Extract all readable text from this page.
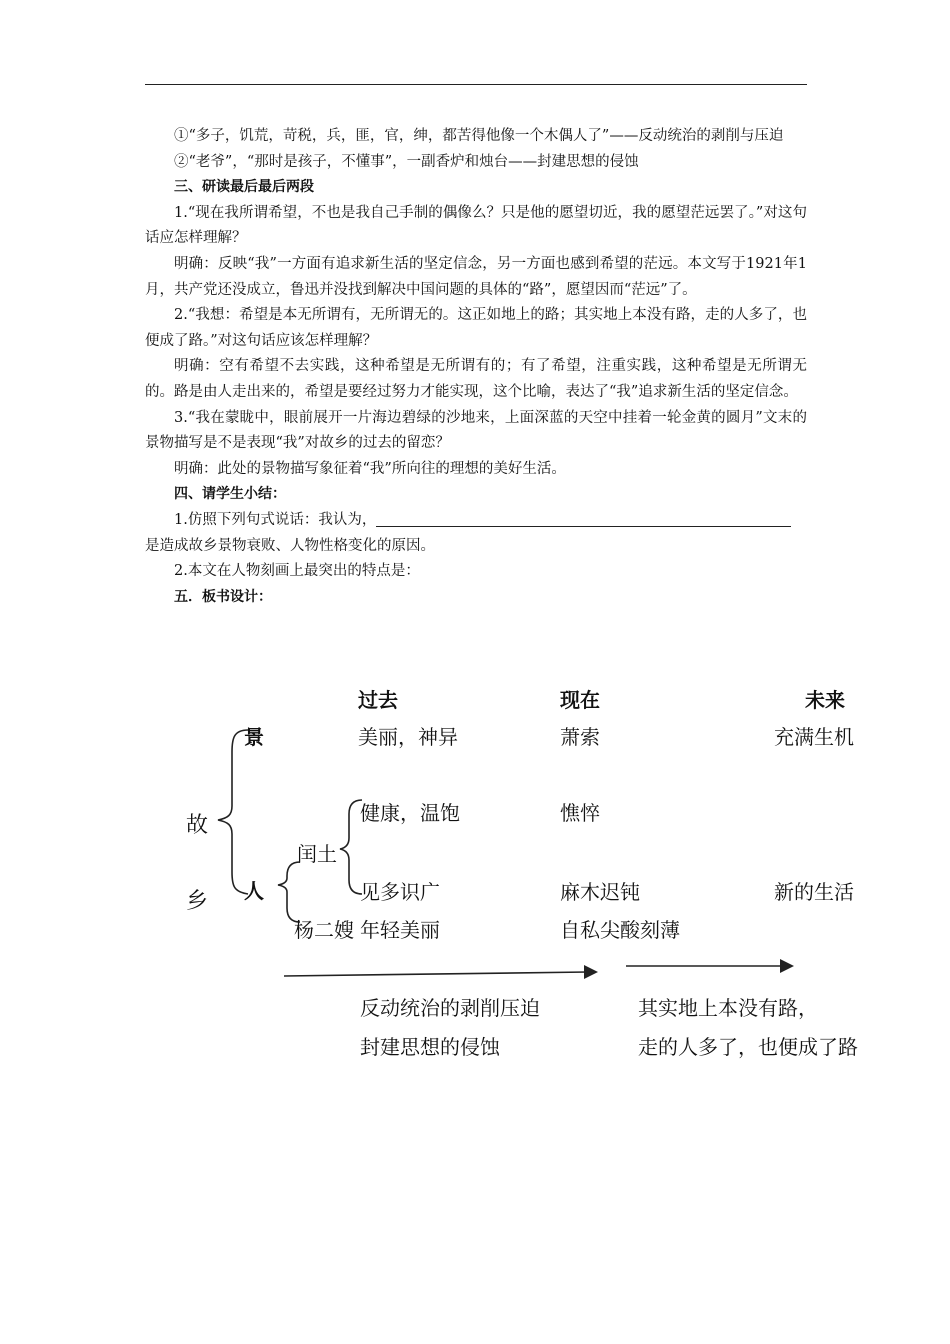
①“多子，饥荒，苛税，兵，匪，官，绅，都苦得他像一个木偶人了”——反动统治的剥削与压迫

②“老爷”，“那时是孩子，不懂事”，一副香炉和烛台——封建思想的侵蚀

三、研读最后最后两段

1.“现在我所谓希望，不也是我自己手制的偶像么？只是他的愿望切近，我的愿望茫远罢了。”对这句话应怎样理解？

明确：反映“我”一方面有追求新生活的坚定信念，另一方面也感到希望的茫远。本文写于1921年1月，共产党还没成立，鲁迅并没找到解决中国问题的具体的“路”，愿望因而“茫远”了。

2.“我想：希望是本无所谓有，无所谓无的。这正如地上的路；其实地上本没有路，走的人多了，也便成了路。”对这句话应该怎样理解？

明确：空有希望不去实践，这种希望是无所谓有的；有了希望，注重实践，这种希望是无所谓无的。路是由人走出来的，希望是要经过努力才能实现，这个比喻，表达了“我”追求新生活的坚定信念。

3.“我在蒙眬中，眼前展开一片海边碧绿的沙地来，上面深蓝的天空中挂着一轮金黄的圆月”文末的景物描写是不是表现“我”对故乡的过去的留恋？

明确：此处的景物描写象征着“我”所向往的理想的美好生活。

四、请学生小结：

1.仿照下列句式说话：我认为，

是造成故乡景物衰败、人物性格变化的原因。

2.本文在人物刻画上最突出的特点是：

五．板书设计：

过去	现在	未来
故
乡
景
人
闰土
杨二嫂
美丽，神异	萧索	充满生机
健康，温饱	憔悴
见多识广	麻木迟钝	新的生活
年轻美丽	自私尖酸刻薄
反动统治的剥削压迫
封建思想的侵蚀
其实地上本没有路，
走的人多了，也便成了路
